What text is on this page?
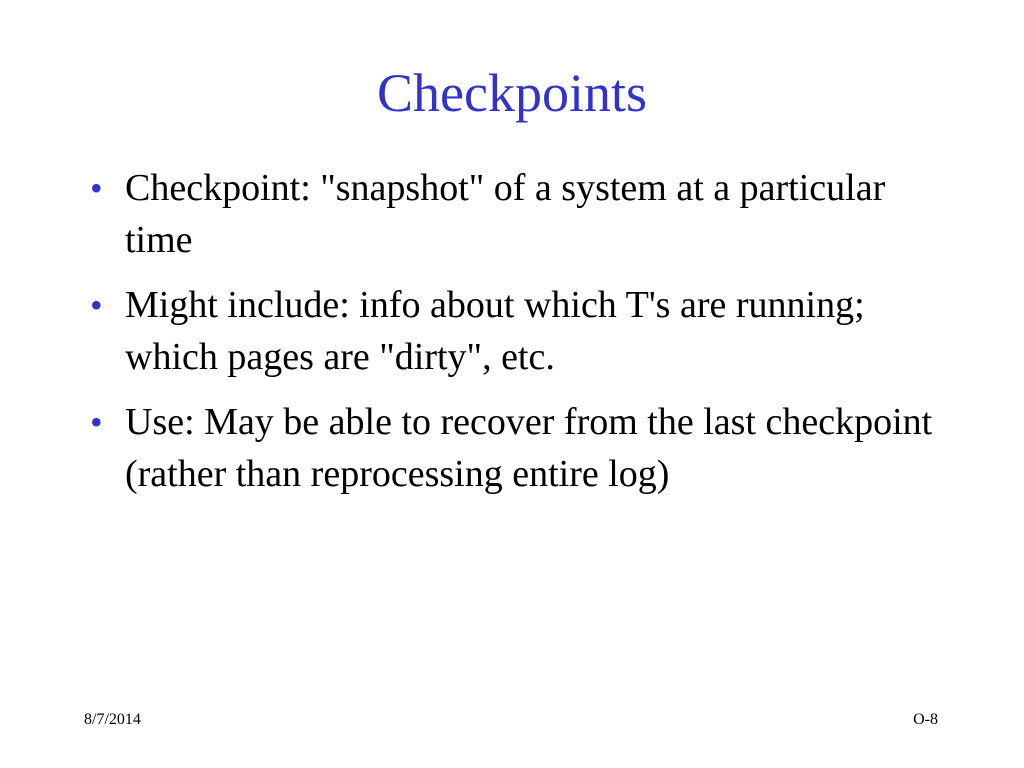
Checkpoints
• Checkpoint: "snapshot" of a system at a particular time
• Might include: info about which T's are running; which pages are "dirty", etc.
• Use: May be able to recover from the last checkpoint (rather than reprocessing entire log)
8/7/2014	O-8
